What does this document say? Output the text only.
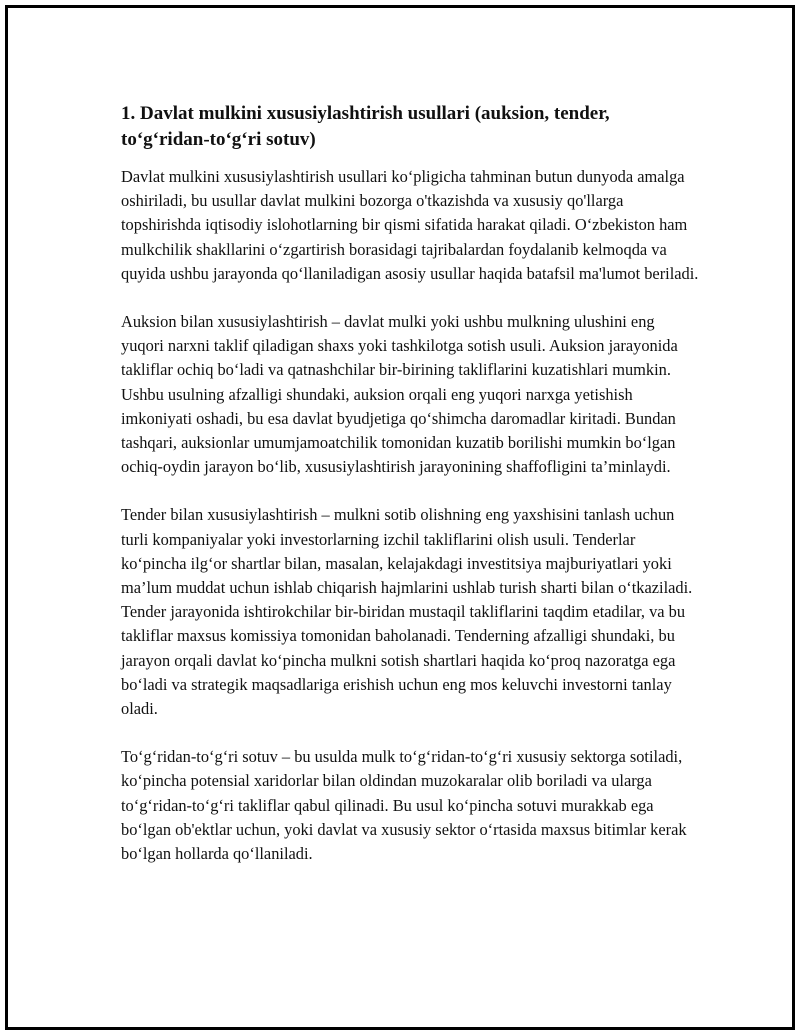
1. Davlat mulkini xususiylashtirish usullari (auksion, tender, to‘g‘ridan-to‘g‘ri sotuv)

Davlat mulkini xususiylashtirish usullari ko‘pligicha tahminan butun dunyoda amalga oshiriladi, bu usullar davlat mulkini bozorga o'tkazishda va xususiy qo'llarga topshirishda iqtisodiy islohotlarning bir qismi sifatida harakat qiladi. O‘zbekiston ham mulkchilik shakllarini o‘zgartirish borasidagi tajribalardan foydalanib kelmoqda va quyida ushbu jarayonda qo‘llaniladigan asosiy usullar haqida batafsil ma'lumot beriladi.

Auksion bilan xususiylashtirish – davlat mulki yoki ushbu mulkning ulushini eng yuqori narxni taklif qiladigan shaxs yoki tashkilotga sotish usuli. Auksion jarayonida takliflar ochiq bo‘ladi va qatnashchilar bir-birining takliflarini kuzatishlari mumkin. Ushbu usulning afzalligi shundaki, auksion orqali eng yuqori narxga yetishish imkoniyati oshadi, bu esa davlat byudjetiga qo‘shimcha daromadlar kiritadi. Bundan tashqari, auksionlar umumjamoatchilik tomonidan kuzatib borilishi mumkin bo‘lgan ochiq-oydin jarayon bo‘lib, xususiylashtirish jarayonining shaffofligini ta’minlaydi.

Tender bilan xususiylashtirish – mulkni sotib olishning eng yaxshisini tanlash uchun turli kompaniyalar yoki investorlarning izchil takliflarini olish usuli. Tenderlar ko‘pincha ilg‘or shartlar bilan, masalan, kelajakdagi investitsiya majburiyatlari yoki ma’lum muddat uchun ishlab chiqarish hajmlarini ushlab turish sharti bilan o‘tkaziladi. Tender jarayonida ishtirokchilar bir-biridan mustaqil takliflarini taqdim etadilar, va bu takliflar maxsus komissiya tomonidan baholanadi. Tenderning afzalligi shundaki, bu jarayon orqali davlat ko‘pincha mulkni sotish shartlari haqida ko‘proq nazoratga ega bo‘ladi va strategik maqsadlariga erishish uchun eng mos keluvchi investorni tanlay oladi.

To‘g‘ridan-to‘g‘ri sotuv – bu usulda mulk to‘g‘ridan-to‘g‘ri xususiy sektorga sotiladi, ko‘pincha potensial xaridorlar bilan oldindan muzokaralar olib boriladi va ularga to‘g‘ridan-to‘g‘ri takliflar qabul qilinadi. Bu usul ko‘pincha sotuvi murakkab ega bo‘lgan ob'ektlar uchun, yoki davlat va xususiy sektor o‘rtasida maxsus bitimlar kerak bo‘lgan hollarda qo‘llaniladi.
